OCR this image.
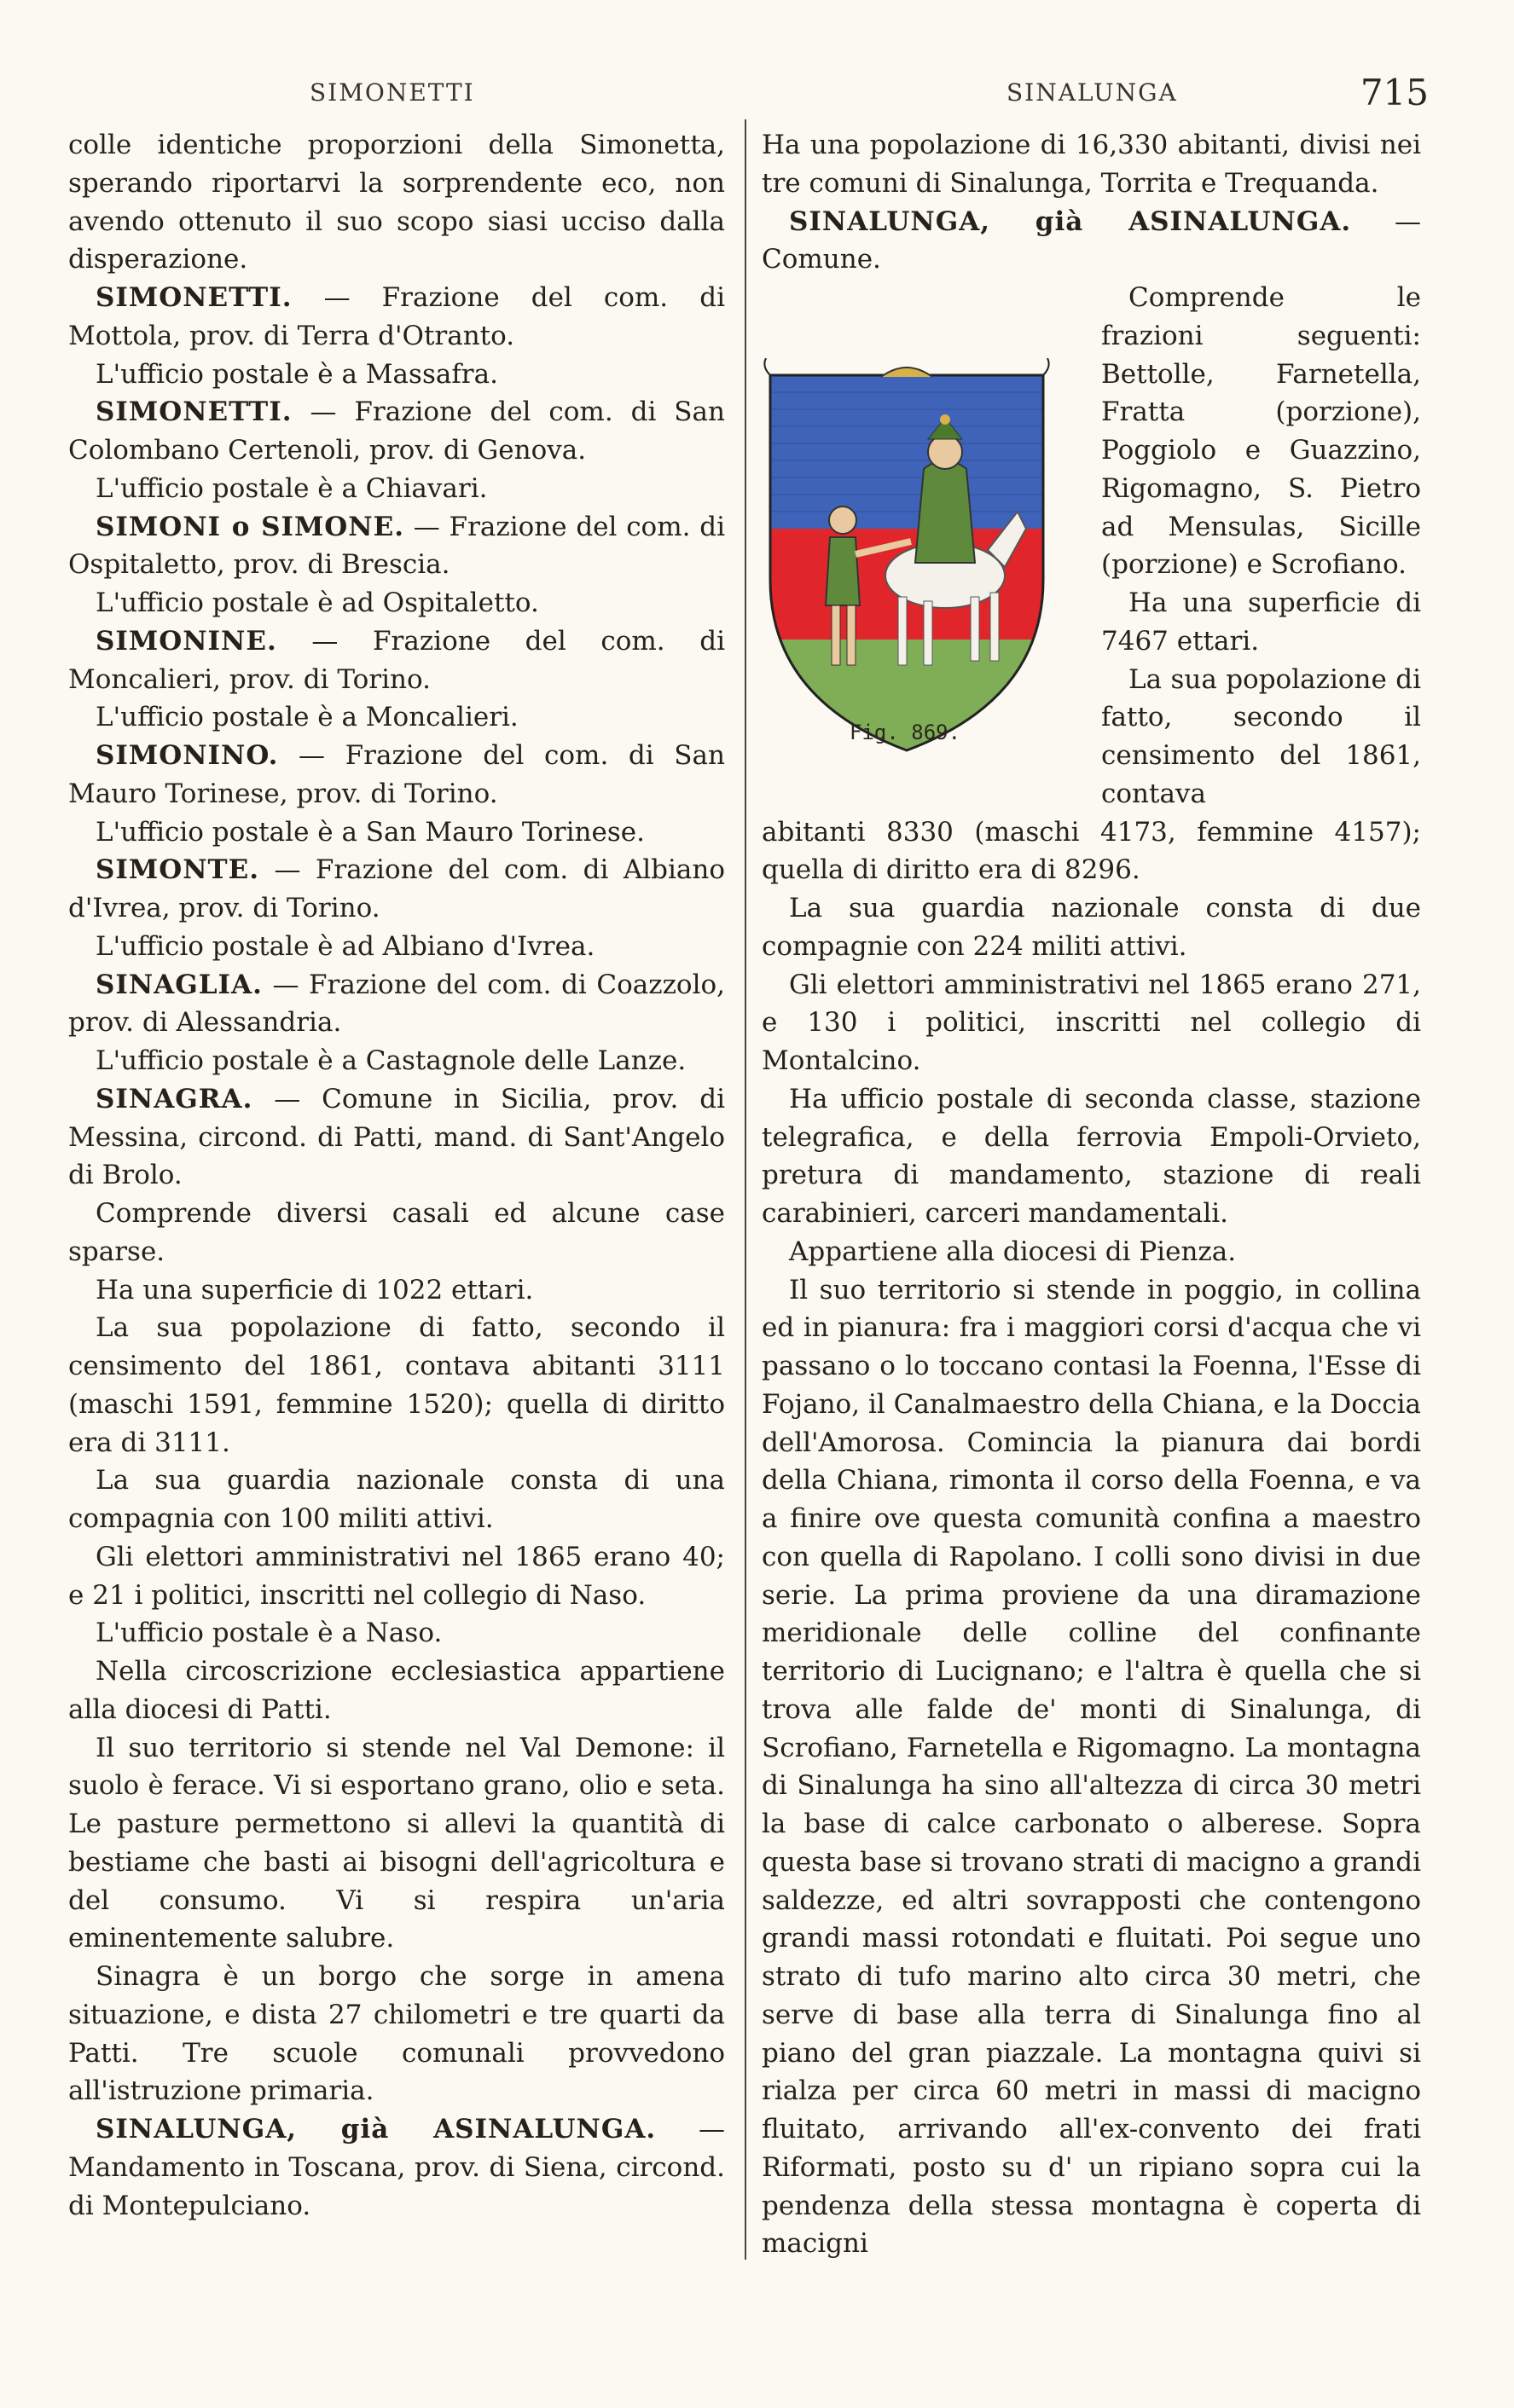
SIMONETTI	SINALUNGA	715

colle identiche proporzioni della Simonetta, sperando riportarvi la sorprendente eco, non avendo ottenuto il suo scopo siasi ucciso dalla disperazione.

SIMONETTI. — Frazione del com. di Mottola, prov. di Terra d'Otranto.

L'ufficio postale è a Massafra.

SIMONETTI. — Frazione del com. di San Colombano Certenoli, prov. di Genova.

L'ufficio postale è a Chiavari.

SIMONI o SIMONE. — Frazione del com. di Ospitaletto, prov. di Brescia.

L'ufficio postale è ad Ospitaletto.

SIMONINE. — Frazione del com. di Moncalieri, prov. di Torino.

L'ufficio postale è a Moncalieri.

SIMONINO. — Frazione del com. di San Mauro Torinese, prov. di Torino.

L'ufficio postale è a San Mauro Torinese.

SIMONTE. — Frazione del com. di Albiano d'Ivrea, prov. di Torino.

L'ufficio postale è ad Albiano d'Ivrea.

SINAGLIA. — Frazione del com. di Coazzolo, prov. di Alessandria.

L'ufficio postale è a Castagnole delle Lanze.

SINAGRA. — Comune in Sicilia, prov. di Messina, circond. di Patti, mand. di Sant'Angelo di Brolo.

Comprende diversi casali ed alcune case sparse.

Ha una superficie di 1022 ettari.

La sua popolazione di fatto, secondo il censimento del 1861, contava abitanti 3111 (maschi 1591, femmine 1520); quella di diritto era di 3111.

La sua guardia nazionale consta di una compagnia con 100 militi attivi.

Gli elettori amministrativi nel 1865 erano 40; e 21 i politici, inscritti nel collegio di Naso.

L'ufficio postale è a Naso.

Nella circoscrizione ecclesiastica appartiene alla diocesi di Patti.

Il suo territorio si stende nel Val Demone: il suolo è ferace. Vi si esportano grano, olio e seta. Le pasture permettono si allevi la quantità di bestiame che basti ai bisogni dell'agricoltura e del consumo. Vi si respira un'aria eminentemente salubre.

Sinagra è un borgo che sorge in amena situazione, e dista 27 chilometri e tre quarti da Patti. Tre scuole comunali provvedono all'istruzione primaria.

SINALUNGA, già ASINALUNGA. — Mandamento in Toscana, prov. di Siena, circond. di Montepulciano.

Ha una popolazione di 16,330 abitanti, divisi nei tre comuni di Sinalunga, Torrita e Trequanda.

SINALUNGA, già ASINALUNGA. — Comune.

Comprende le frazioni seguenti: Bettolle, Farnetella, Fratta (porzione), Poggiolo e Guazzino, Rigomagno, S. Pietro ad Mensulas, Sicille (porzione) e Scrofiano.

Ha una superficie di 7467 ettari.

La sua popolazione di fatto, secondo il censimento del 1861, contava

abitanti 8330 (maschi 4173, femmine 4157); quella di diritto era di 8296.

La sua guardia nazionale consta di due compagnie con 224 militi attivi.

Gli elettori amministrativi nel 1865 erano 271, e 130 i politici, inscritti nel collegio di Montalcino.

Ha ufficio postale di seconda classe, stazione telegrafica, e della ferrovia Empoli-Orvieto, pretura di mandamento, stazione di reali carabinieri, carceri mandamentali.

Appartiene alla diocesi di Pienza.

Il suo territorio si stende in poggio, in collina ed in pianura: fra i maggiori corsi d'acqua che vi passano o lo toccano contasi la Foenna, l'Esse di Fojano, il Canalmaestro della Chiana, e la Doccia dell'Amorosa. Comincia la pianura dai bordi della Chiana, rimonta il corso della Foenna, e va a finire ove questa comunità confina a maestro con quella di Rapolano. I colli sono divisi in due serie. La prima proviene da una diramazione meridionale delle colline del confinante territorio di Lucignano; e l'altra è quella che si trova alle falde de' monti di Sinalunga, di Scrofiano, Farnetella e Rigomagno. La montagna di Sinalunga ha sino all'altezza di circa 30 metri la base di calce carbonato o alberese. Sopra questa base si trovano strati di macigno a grandi saldezze, ed altri sovrapposti che contengono grandi massi rotondati e fluitati. Poi segue uno strato di tufo marino alto circa 30 metri, che serve di base alla terra di Sinalunga fino al piano del gran piazzale. La montagna quivi si rialza per circa 60 metri in massi di macigno fluitato, arrivando all'ex-convento dei frati Riformati, posto su d' un ripiano sopra cui la pendenza della stessa montagna è coperta di macigni

Fig. 869.
